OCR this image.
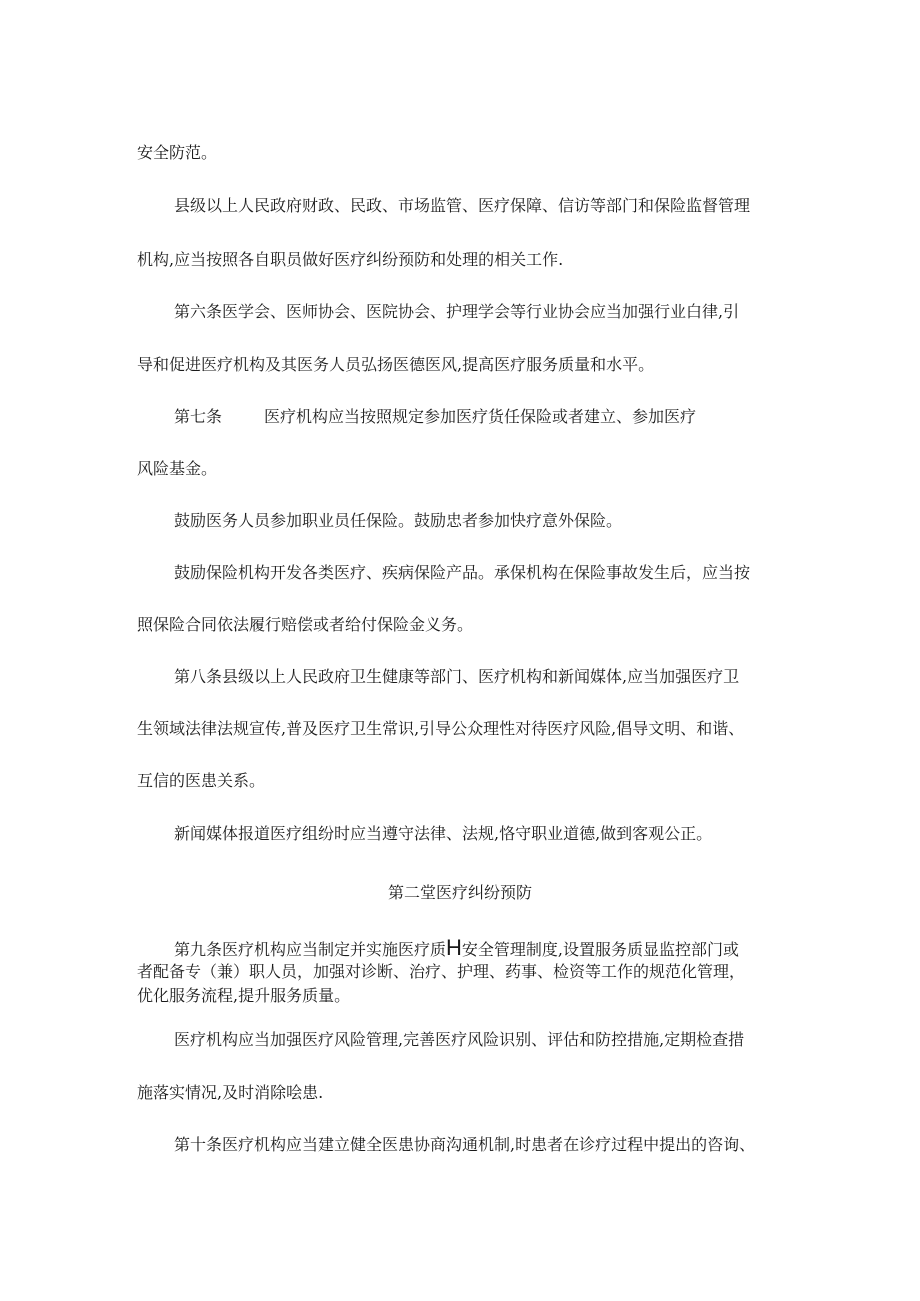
安全防范。
县级以上人民政府财政、民政、市场监管、医疗保障、信访等部门和保险监督管理
机构,应当按照各自职员做好医疗纠纷预防和处理的相关工作.
第六条医学会、医师协会、医院协会、护理学会等行业协会应当加强行业白律,引
导和促进医疗机构及其医务人员弘扬医德医风,提高医疗服务质量和水平。
第七条	医疗机构应当按照规定参加医疗货任保险或者建立、参加医疗
风险基金。
鼓励医务人员参加职业员任保险。鼓励忠者参加快疗意外保险。
鼓励保险机构开发各类医疗、疾病保险产品。承保机构在保险事故发生后，应当按
照保险合同依法履行赔偿或者给付保险金义务。
第八条县级以上人民政府卫生健康等部门、医疗机构和新闻媒体,应当加强医疗卫
生领域法律法规宣传,普及医疗卫生常识,引导公众理性对待医疗风险,倡导文明、和谐、
互信的医患关系。
新闻媒体报道医疗组纷时应当遵守法律、法规,恪守职业道德,做到客观公正。
第二堂医疗纠纷预防
第九条医疗机构应当制定并实施医疗质H安全管理制度,设置服务质显监控部门或
者配备专（兼）职人员，加强对诊断、治疗、护理、药事、检资等工作的规范化管理，
优化服务流程,提升服务质量。
医疗机构应当加强医疗风险管理,完善医疗风险识别、评估和防控措施,定期检查措
施落实情况,及时消除哙患.
第十条医疗机构应当建立健全医患协商沟通机制,时患者在诊疗过程中提出的咨询、
